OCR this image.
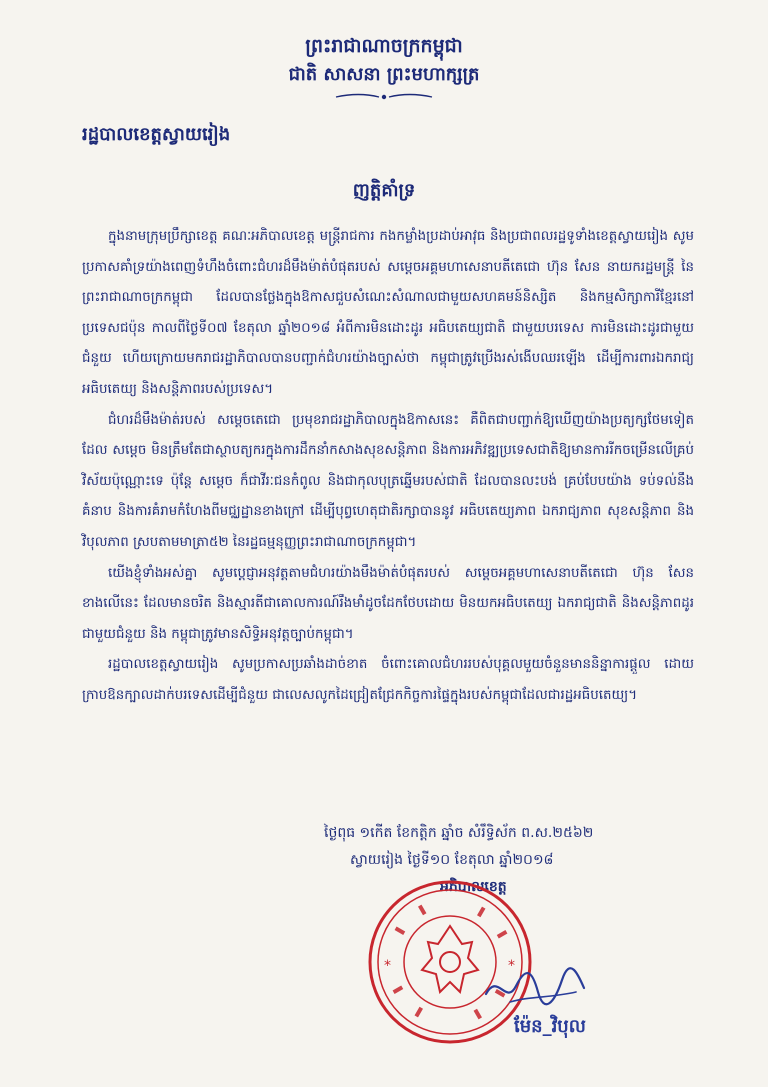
ព្រះរាជាណាចក្រកម្ពុជា
ជាតិ សាសនា ព្រះមហាក្សត្រ
រដ្ឋបាលខេត្តស្វាយរៀង
ញត្តិគាំទ្រ

ក្នុងនាមក្រុមប្រឹក្សាខេត្ត គណៈអភិបាលខេត្ត មន្ត្រីរាជការ កងកម្លាំងប្រដាប់អាវុធ និងប្រជាពលរដ្ឋទូទាំងខេត្តស្វាយរៀង សូមប្រកាសគាំទ្រយ៉ាងពេញទំហឹងចំពោះជំហរដ៏មឹងម៉ាត់បំផុតរបស់ សម្តេចអគ្គមហាសេនាបតីតេជោ ហ៊ុន សែន នាយករដ្ឋមន្ត្រី នៃព្រះរាជាណាចក្រកម្ពុជា ដែលបានថ្លែងក្នុងឱកាសជួបសំណេះសំណាលជាមួយសហគមន៍និស្សិត និងកម្មសិក្សាការីខ្មែរនៅប្រទេសជប៉ុន កាលពីថ្ងៃទី០៧ ខែតុលា ឆ្នាំ២០១៨ អំពីការមិនដោះដូរ អធិបតេយ្យជាតិ ជាមួយបរទេស ការមិនដោះដូរជាមួយជំនួយ ហើយក្រោយមករាជរដ្ឋាភិបាលបានបញ្ជាក់ជំហរយ៉ាងច្បាស់ថា កម្ពុជាត្រូវប្រើងរស់ងើបឈរឡើង ដើម្បីការពារឯករាជ្យ អធិបតេយ្យ និងសន្តិភាពរបស់ប្រទេស។

ជំហរដ៏មឹងម៉ាត់របស់ សម្តេចតេជោ ប្រមុខរាជរដ្ឋាភិបាលក្នុងឱកាសនេះ គឺពិតជាបញ្ជាក់ឱ្យឃើញយ៉ាងប្រត្យក្សថែមទៀត ដែល សម្តេច មិនត្រឹមតែជាស្ថាបត្យករក្នុងការដឹកនាំកសាងសុខសន្តិភាព និងការអភិវឌ្ឍប្រទេសជាតិឱ្យមានការរីកចម្រើនលើគ្រប់វិស័យប៉ុណ្ណោះទេ ប៉ុន្តែ សម្តេច ក៏ជាវីរៈជនកំពូល និងជាកុលបុត្រឆ្នើមរបស់ជាតិ ដែលបានលះបង់ គ្រប់បែបយ៉ាង ទប់ទល់នឹងគំនាប និងការគំរាមកំហែងពីមជ្ឈដ្ឋានខាងក្រៅ ដើម្បីបុព្វហេតុជាតិរក្សាបាននូវ អធិបតេយ្យភាព ឯករាជ្យភាព សុខសន្តិភាព និងវិបុលភាព ស្របតាមមាត្រា៥២ នៃរដ្ឋធម្មនុញ្ញព្រះរាជាណាចក្រកម្ពុជា។

យើងខ្ញុំទាំងអស់គ្នា សូមប្តេជ្ញាអនុវត្តតាមជំហរយ៉ាងមឹងម៉ាត់បំផុតរបស់ សម្តេចអគ្គមហាសេនាបតីតេជោ ហ៊ុន សែន ខាងលើនេះ ដែលមានចរិត និងស្មារតីជាគោលការណ៍រឹងមាំដូចដែកថែបដោយ មិនយកអធិបតេយ្យ ឯករាជ្យជាតិ និងសន្តិភាពដូរជាមួយជំនួយ និង កម្ពុជាត្រូវមានសិទ្ធិអនុវត្តច្បាប់កម្ពុជា។

រដ្ឋបាលខេត្តស្វាយរៀង សូមប្រកាសប្រឆាំងដាច់ខាត ចំពោះគោលជំហររបស់បុគ្គលមួយចំនួនមាននិន្នាការផ្តួល ដោយក្រាបឱនក្បាលដាក់បរទេសដើម្បីជំនួយ ជាលេសលូកដៃជ្រៀតជ្រែកកិច្ចការផ្ទៃក្នុងរបស់កម្ពុជាដែលជារដ្ឋអធិបតេយ្យ។

ថ្ងៃពុធ ១កើត ខែកត្តិក ឆ្នាំច សំរឹទ្ធិស័ក ព.ស.២៥៦២
ស្វាយរៀង ថ្ងៃទី១០ ខែតុលា ឆ្នាំ២០១៨
អភិបាលខេត្ត
*	*
ម៉ែន_វិបុល
